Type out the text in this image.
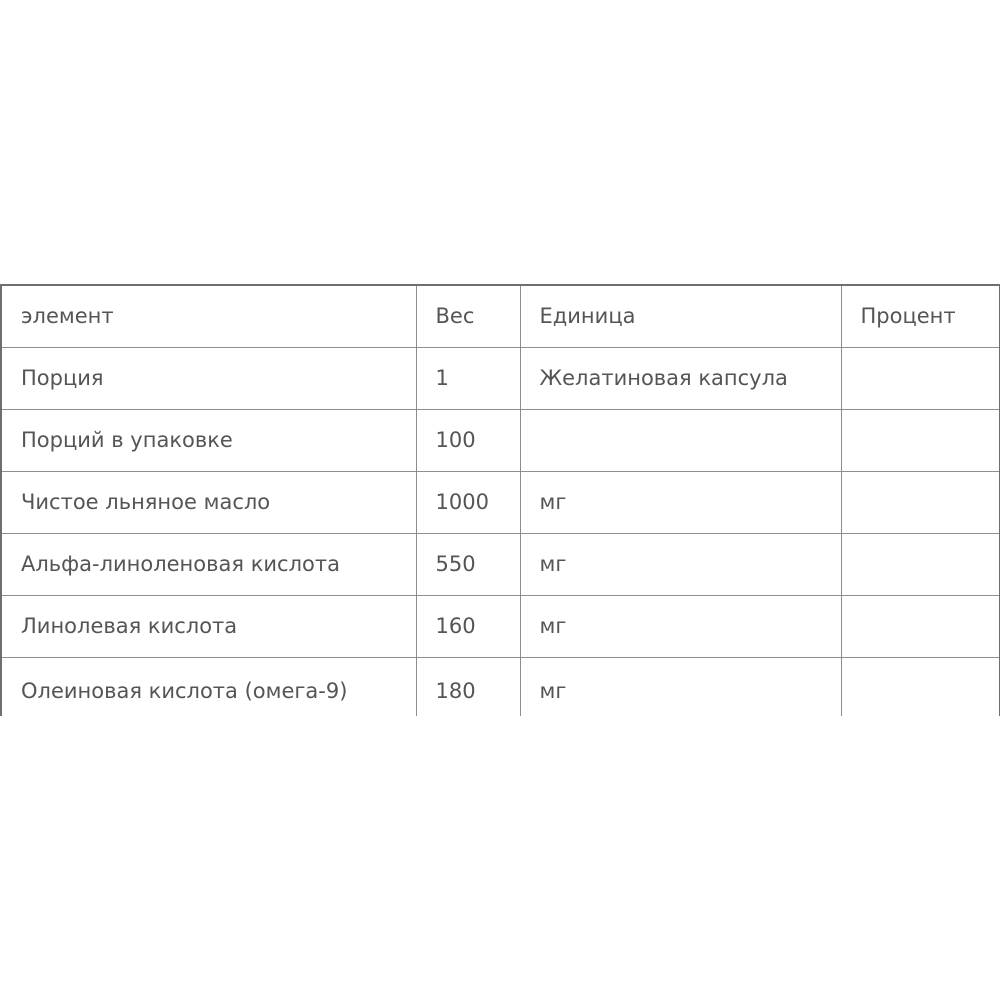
элемент	Вес	Единица	Процент
Порция	1	Желатиновая капсула	
Порций в упаковке	100		
Чистое льняное масло	1000	мг	
Альфа-линоленовая кислота	550	мг	
Линолевая кислота	160	мг	
Олеиновая кислота (омега-9)	180	мг	
